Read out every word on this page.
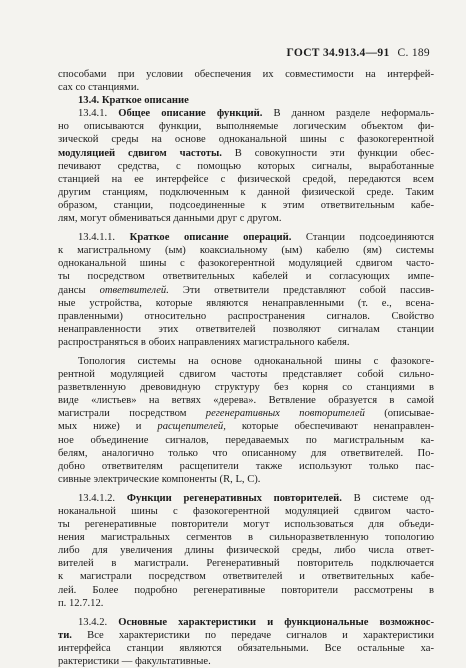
ГОСТ 34.913.4—91 С. 189

способами при условии обеспечения их совместимости на интерфей-
сах со станциями.

13.4. Краткое описание

13.4.1. Общее описание функций. В данном разделе неформаль-
но описываются функции, выполняемые логическим объектом фи-
зической среды на основе одноканальной шины с фазокогерентной
модуляцией сдвигом частоты. В совокупности эти функции обес-
печивают средства, с помощью которых сигналы, выработанные
станцией на ее интерфейсе с физической средой, передаются всем
другим станциям, подключенным к данной физической среде. Таким
образом, станции, подсоединенные к этим ответвительным кабе-
лям, могут обмениваться данными друг с другом.

13.4.1.1. Краткое описание операций. Станции подсоединяются
к магистральному (ым) коаксиальному (ым) кабелю (ям) системы
одноканальной шины с фазокогерентной модуляцией сдвигом часто-
ты посредством ответвительных кабелей и согласующих импе-
дансы ответвителей. Эти ответвители представляют собой пассив-
ные устройства, которые являются ненаправленными (т. е., всена-
правленными) относительно распространения сигналов. Свойство
ненаправленности этих ответвителей позволяют сигналам станции
распространяться в обоих направлениях магистрального кабеля.

Топология системы на основе одноканальной шины с фазокоге-
рентной модуляцией сдвигом частоты представляет собой сильно-
разветвленную древовидную структуру без корня со станциями в
виде «листьев» на ветвях «дерева». Ветвление образуется в самой
магистрали посредством регенеративных повторителей (описывае-
мых ниже) и расщепителей, которые обеспечивают ненаправлен-
ное объединение сигналов, передаваемых по магистральным ка-
белям, аналогично только что описанному для ответвителей. По-
добно ответвителям расщепители также используют только пас-
сивные электрические компоненты (R, L, C).

13.4.1.2. Функции регенеративных повторителей. В системе од-
ноканальной шины с фазокогерентной модуляцией сдвигом часто-
ты регенеративные повторители могут использоваться для объеди-
нения магистральных сегментов в сильноразветвленную топологию
либо для увеличения длины физической среды, либо числа ответ-
вителей в магистрали. Регенеративный повторитель подключается
к магистрали посредством ответвителей и ответвительных кабе-
лей. Более подробно регенеративные повторители рассмотрены в
п. 12.7.12.

13.4.2. Основные характеристики и функциональные возможнос-
ти. Все характеристики по передаче сигналов и характеристики
интерфейса станции являются обязательными. Все остальные ха-
рактеристики — факультативные.
